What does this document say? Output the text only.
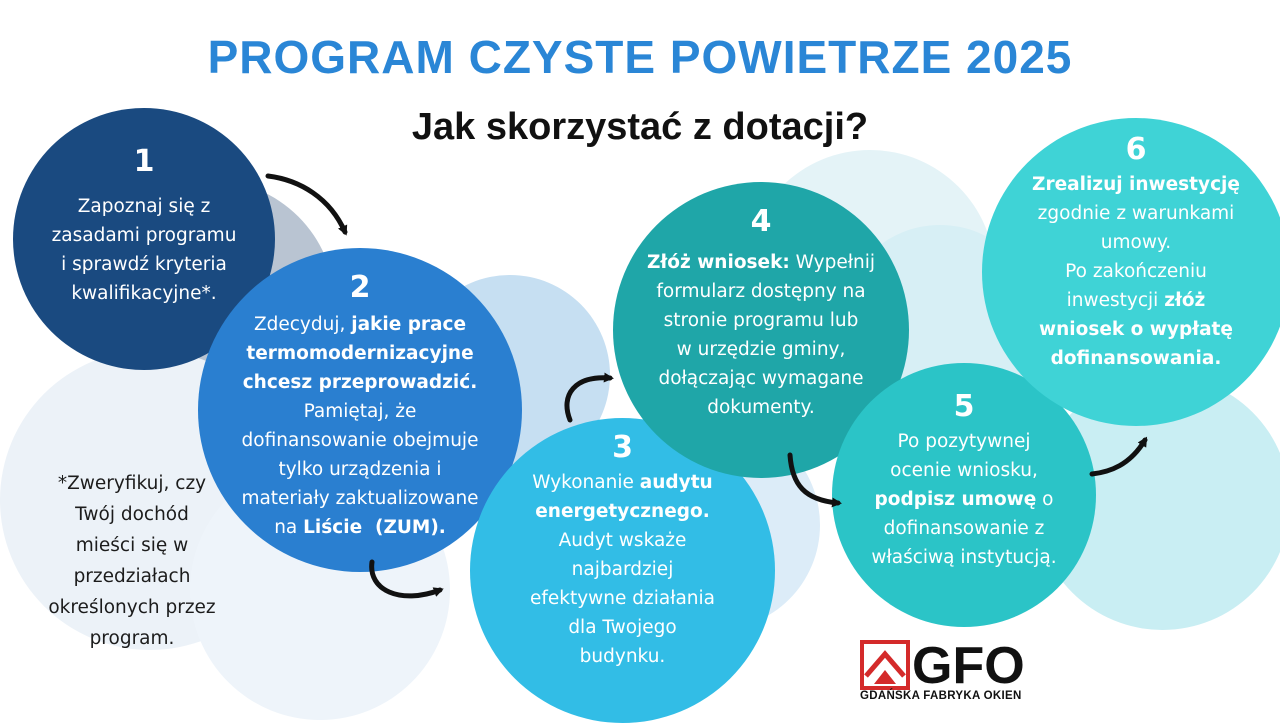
PROGRAM CZYSTE POWIETRZE 2025
Jak skorzystać z dotacji?
1
Zapoznaj się z
zasadami programu
i sprawdź kryteria
kwalifikacyjne*.	2
Zdecyduj, jakie prace
termomodernizacyjne
chcesz przeprowadzić.
Pamiętaj, że
dofinansowanie obejmuje
tylko urządzenia i
materiały zaktualizowane
na Liście  (ZUM).
3
Wykonanie audytu
energetycznego.
Audyt wskaże
najbardziej
efektywne działania
dla Twojego
budynku.
4
Złóż wniosek: Wypełnij
formularz dostępny na
stronie programu lub
w urzędzie gminy,
dołączając wymagane
dokumenty.	5
Po pozytywnej
ocenie wniosku,
podpisz umowę o
dofinansowanie z
właściwą instytucją.
6
Zrealizuj inwestycję
zgodnie z warunkami
umowy.
Po zakończeniu
inwestycji złóż
wniosek o wypłatę
dofinansowania.
*Zweryfikuj, czy
Twój dochód
mieści się w
przedziałach
określonych przez
program.	GFO
GDAŃSKA FABRYKA OKIEN
